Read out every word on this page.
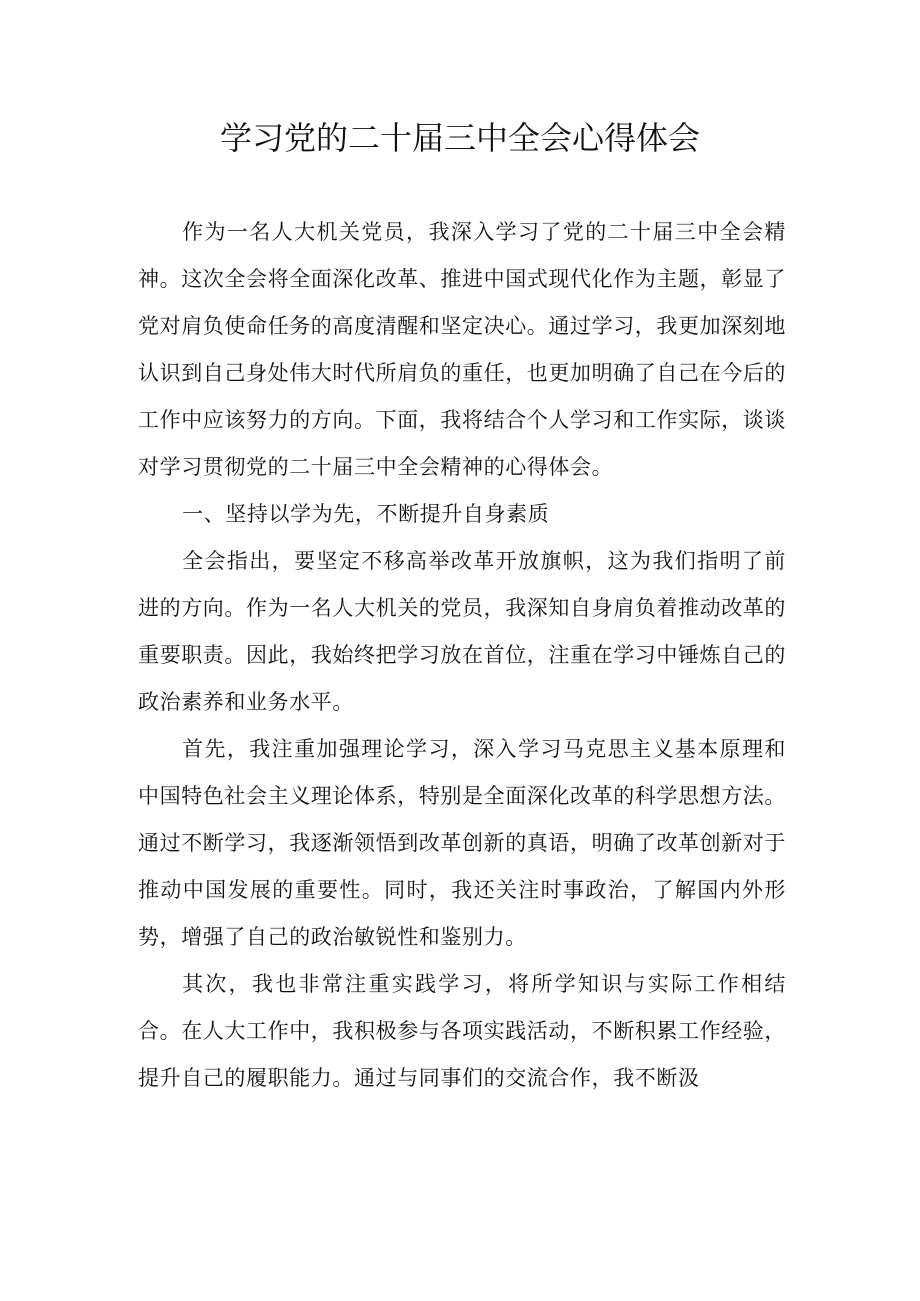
学习党的二十届三中全会心得体会

作为一名人大机关党员，我深入学习了党的二十届三中全会精神。这次全会将全面深化改革、推进中国式现代化作为主题，彰显了党对肩负使命任务的高度清醒和坚定决心。通过学习，我更加深刻地认识到自己身处伟大时代所肩负的重任，也更加明确了自己在今后的工作中应该努力的方向。下面，我将结合个人学习和工作实际，谈谈对学习贯彻党的二十届三中全会精神的心得体会。

一、坚持以学为先，不断提升自身素质

全会指出，要坚定不移高举改革开放旗帜，这为我们指明了前进的方向。作为一名人大机关的党员，我深知自身肩负着推动改革的重要职责。因此，我始终把学习放在首位，注重在学习中锤炼自己的政治素养和业务水平。

首先，我注重加强理论学习，深入学习马克思主义基本原理和中国特色社会主义理论体系，特别是全面深化改革的科学思想方法。通过不断学习，我逐渐领悟到改革创新的真语，明确了改革创新对于推动中国发展的重要性。同时，我还关注时事政治，了解国内外形势，增强了自己的政治敏锐性和鉴别力。

其次，我也非常注重实践学习，将所学知识与实际工作相结合。在人大工作中，我积极参与各项实践活动，不断积累工作经验，提升自己的履职能力。通过与同事们的交流合作，我不断汲
